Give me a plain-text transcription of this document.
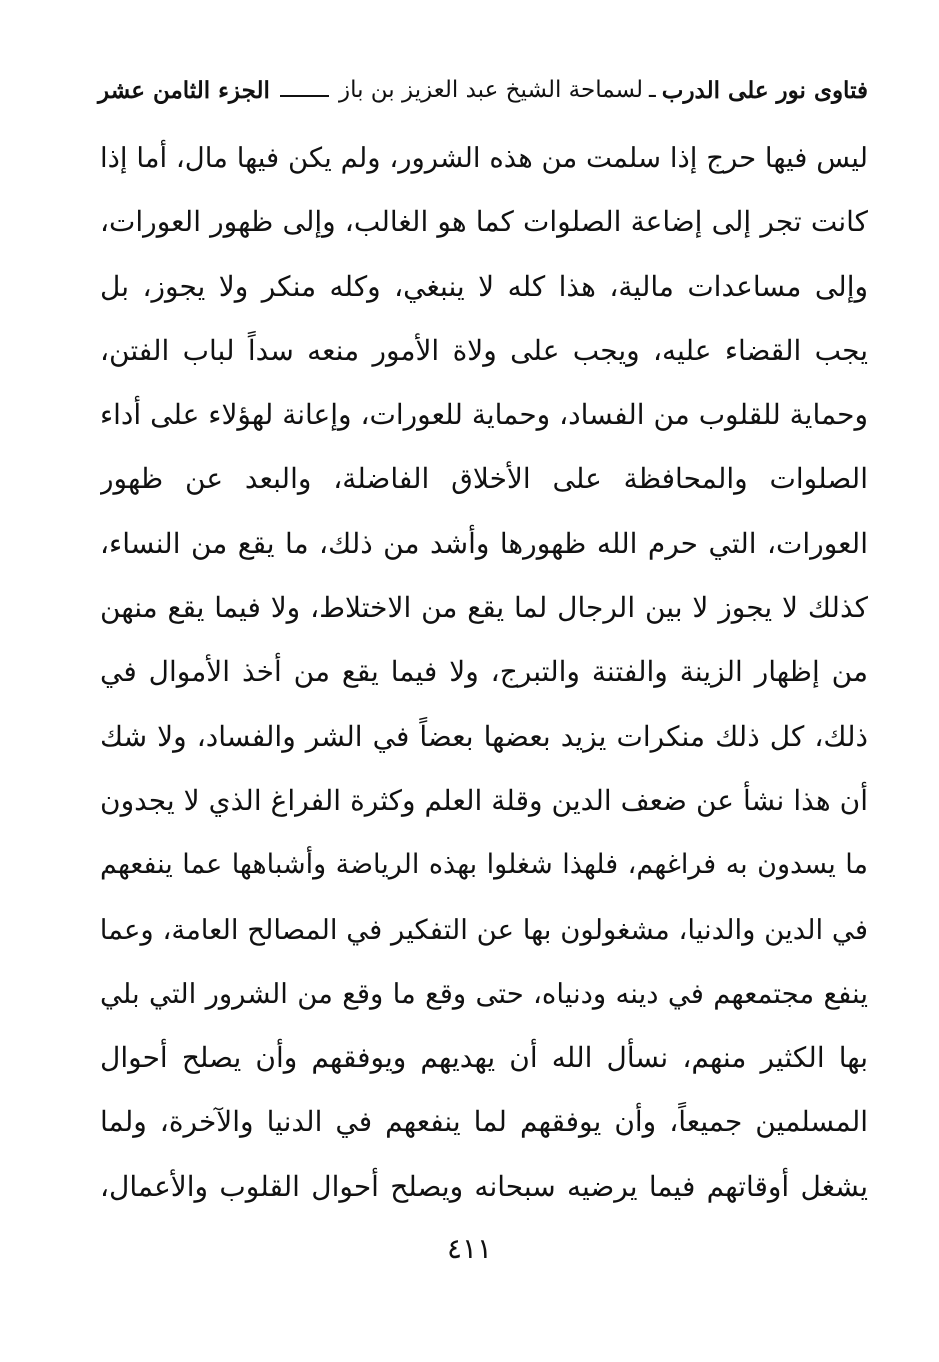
فتاوى نور على الدرب
ـ
لسماحة الشيخ عبد العزيز بن باز
الجزء الثامن عشر
ليس فيها حرج إذا سلمت من هذه الشرور، ولم يكن فيها مال، أما إذا
كانت تجر إلى إضاعة الصلوات كما هو الغالب، وإلى ظهور العورات،
وإلى مساعدات مالية، هذا كله لا ينبغي، وكله منكر ولا يجوز، بل
يجب القضاء عليه، ويجب على ولاة الأمور منعه سداً لباب الفتن،
وحماية للقلوب من الفساد، وحماية للعورات، وإعانة لهؤلاء على أداء
الصلوات والمحافظة على الأخلاق الفاضلة، والبعد عن ظهور
العورات، التي حرم الله ظهورها وأشد من ذلك، ما يقع من النساء،
كذلك لا يجوز لا بين الرجال لما يقع من الاختلاط، ولا فيما يقع منهن
من إظهار الزينة والفتنة والتبرج، ولا فيما يقع من أخذ الأموال في
ذلك، كل ذلك منكرات يزيد بعضها بعضاً في الشر والفساد، ولا شك
أن هذا نشأ عن ضعف الدين وقلة العلم وكثرة الفراغ الذي لا يجدون
ما يسدون به فراغهم، فلهذا شغلوا بهذه الرياضة وأشباهها عما ينفعهم
في الدين والدنيا، مشغولون بها عن التفكير في المصالح العامة، وعما
ينفع مجتمعهم في دينه ودنياه، حتى وقع ما وقع من الشرور التي بلي
بها الكثير منهم، نسأل الله أن يهديهم ويوفقهم وأن يصلح أحوال
المسلمين جميعاً، وأن يوفقهم لما ينفعهم في الدنيا والآخرة، ولما
يشغل أوقاتهم فيما يرضيه سبحانه ويصلح أحوال القلوب والأعمال،
٤١١
